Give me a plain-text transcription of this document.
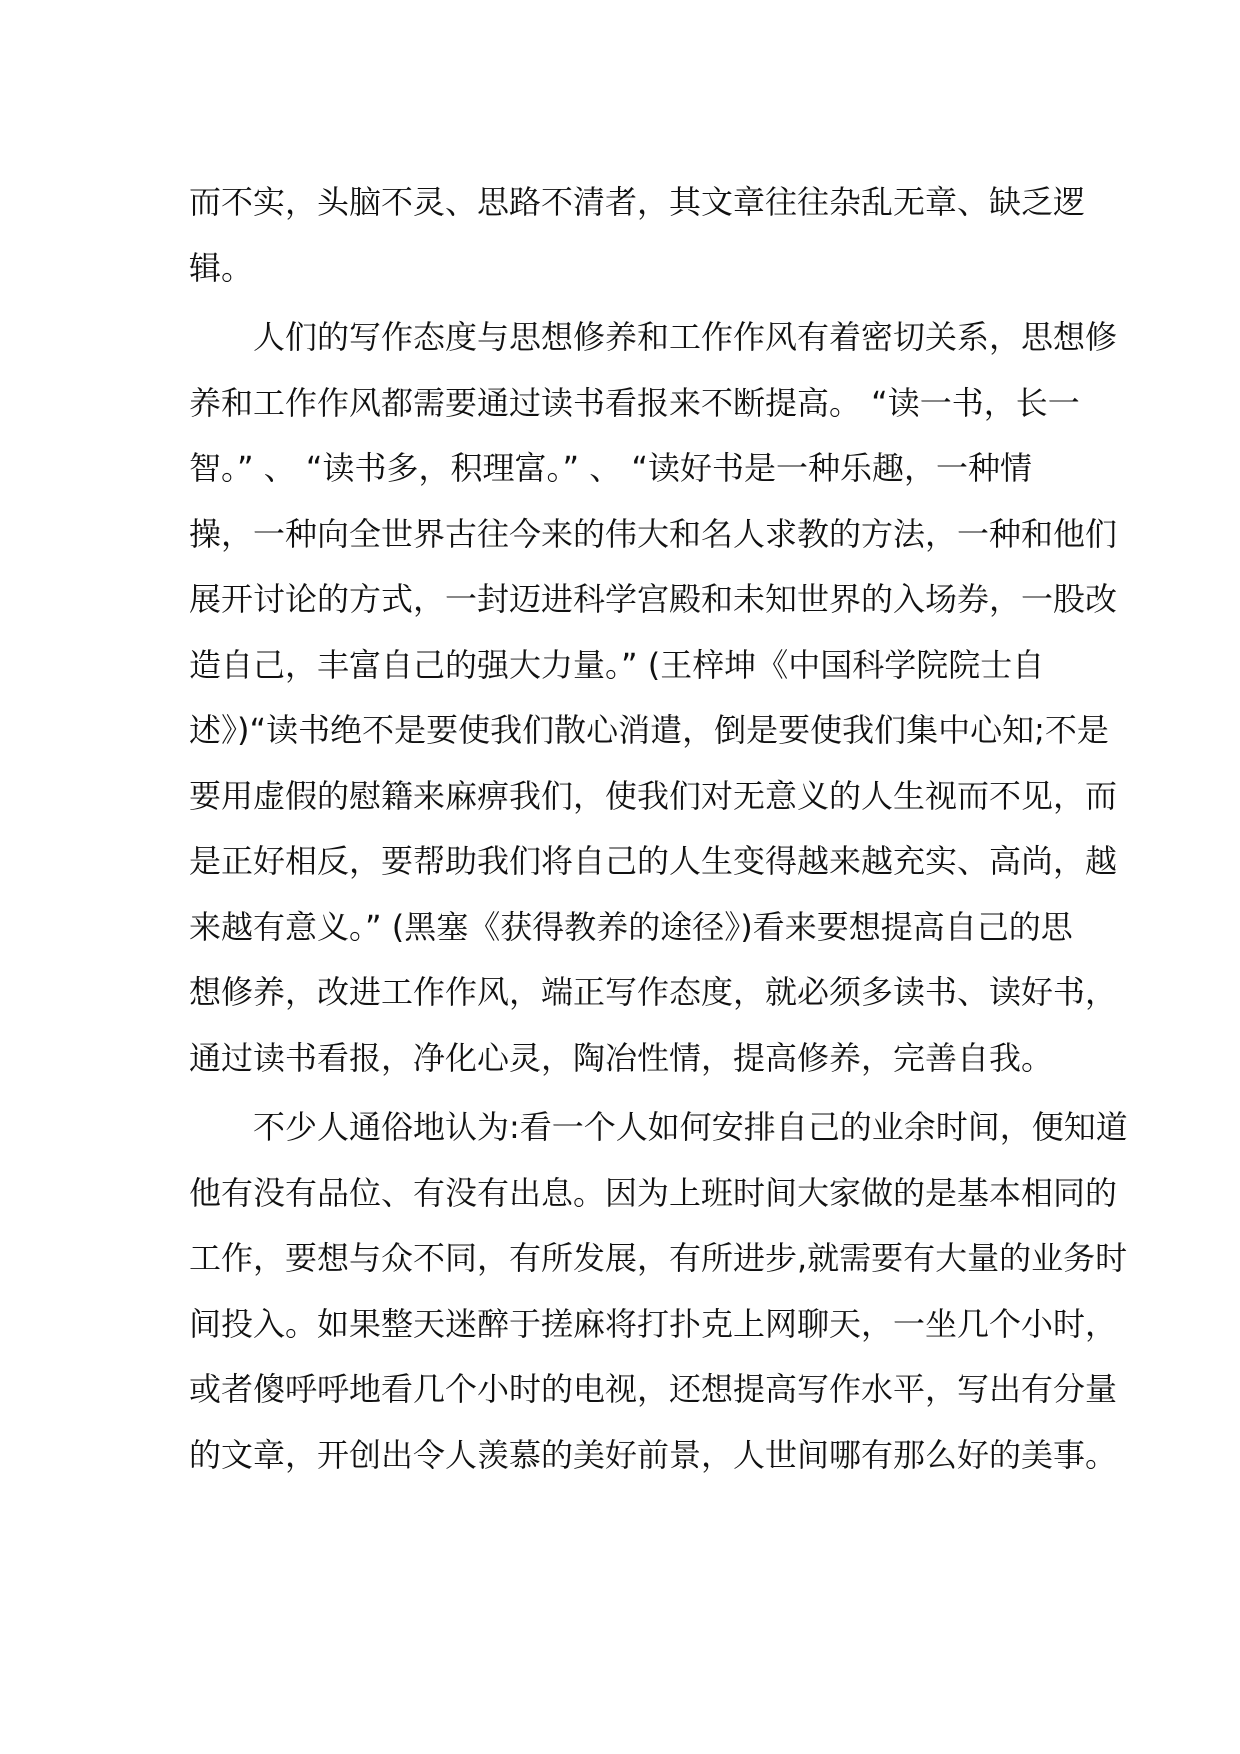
而不实，头脑不灵、思路不清者，其文章往往杂乱无章、缺乏逻
辑。
　　人们的写作态度与思想修养和工作作风有着密切关系，思想修
养和工作作风都需要通过读书看报来不断提高。 “读一书，长一
智。” 、 “读书多，积理富。” 、 “读好书是一种乐趣，一种情
操，一种向全世界古往今来的伟大和名人求教的方法，一种和他们
展开讨论的方式，一封迈进科学宫殿和未知世界的入场券，一股改
造自己，丰富自己的强大力量。” (王梓坤《中国科学院院士自
述》)“读书绝不是要使我们散心消遣，倒是要使我们集中心知;不是
要用虚假的慰籍来麻痹我们，使我们对无意义的人生视而不见，而
是正好相反，要帮助我们将自己的人生变得越来越充实、高尚，越
来越有意义。” (黑塞《获得教养的途径》)看来要想提高自己的思
想修养，改进工作作风，端正写作态度，就必须多读书、读好书，
通过读书看报，净化心灵，陶冶性情，提高修养，完善自我。
　　不少人通俗地认为:看一个人如何安排自己的业余时间，便知道
他有没有品位、有没有出息。因为上班时间大家做的是基本相同的
工作，要想与众不同，有所发展，有所进步,就需要有大量的业务时
间投入。如果整天迷醉于搓麻将打扑克上网聊天，一坐几个小时，
或者傻呼呼地看几个小时的电视，还想提高写作水平，写出有分量
的文章，开创出令人羡慕的美好前景，人世间哪有那么好的美事。
